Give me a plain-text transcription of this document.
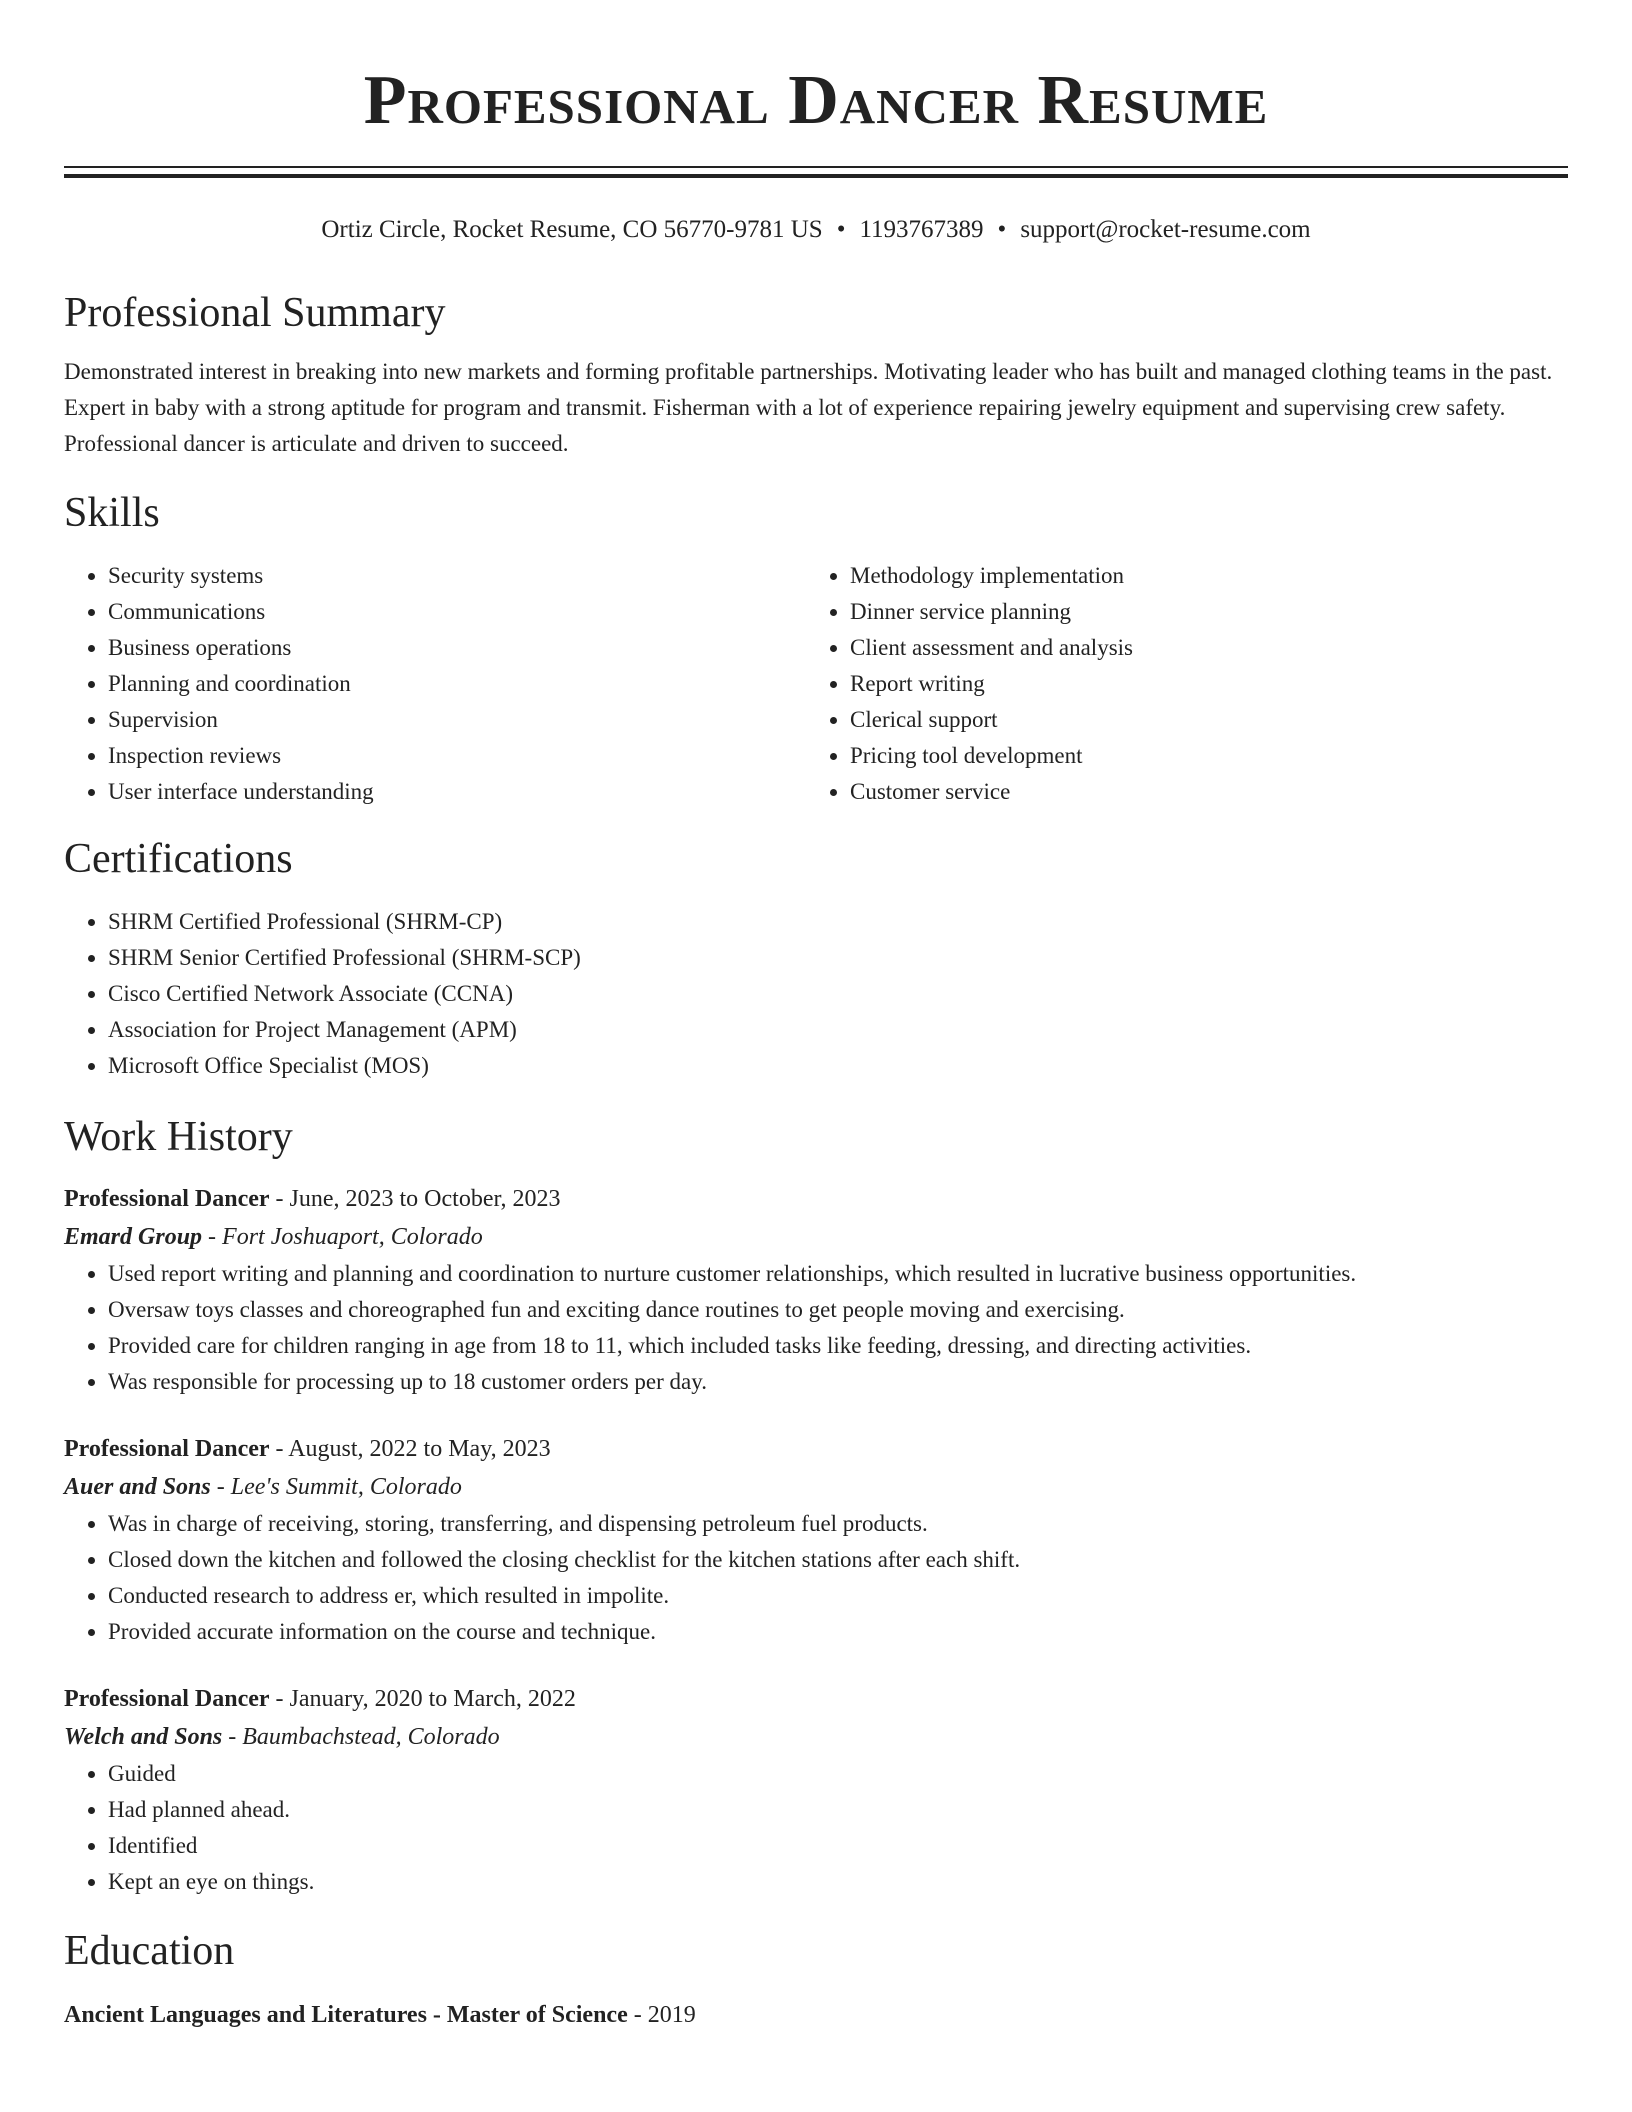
Professional Dancer Resume
Ortiz Circle, Rocket Resume, CO 56770-9781 US • 1193767389 • support@rocket-resume.com
Professional Summary

Demonstrated interest in breaking into new markets and forming profitable partnerships. Motivating leader who has built and managed clothing teams in the past. Expert in baby with a strong aptitude for program and transmit. Fisherman with a lot of experience repairing jewelry equipment and supervising crew safety. Professional dancer is articulate and driven to succeed.

Skills
• Security systems
• Communications
• Business operations
• Planning and coordination
• Supervision
• Inspection reviews
• User interface understanding
• Methodology implementation
• Dinner service planning
• Client assessment and analysis
• Report writing
• Clerical support
• Pricing tool development
• Customer service
Certifications
• SHRM Certified Professional (SHRM-CP)
• SHRM Senior Certified Professional (SHRM-SCP)
• Cisco Certified Network Associate (CCNA)
• Association for Project Management (APM)
• Microsoft Office Specialist (MOS)
Work History
Professional Dancer - June, 2023 to October, 2023
Emard Group - Fort Joshuaport, Colorado
• Used report writing and planning and coordination to nurture customer relationships, which resulted in lucrative business opportunities.
• Oversaw toys classes and choreographed fun and exciting dance routines to get people moving and exercising.
• Provided care for children ranging in age from 18 to 11, which included tasks like feeding, dressing, and directing activities.
• Was responsible for processing up to 18 customer orders per day.
Professional Dancer - August, 2022 to May, 2023
Auer and Sons - Lee's Summit, Colorado
• Was in charge of receiving, storing, transferring, and dispensing petroleum fuel products.
• Closed down the kitchen and followed the closing checklist for the kitchen stations after each shift.
• Conducted research to address er, which resulted in impolite.
• Provided accurate information on the course and technique.
Professional Dancer - January, 2020 to March, 2022
Welch and Sons - Baumbachstead, Colorado
• Guided
• Had planned ahead.
• Identified
• Kept an eye on things.
Education
Ancient Languages and Literatures - Master of Science - 2019
